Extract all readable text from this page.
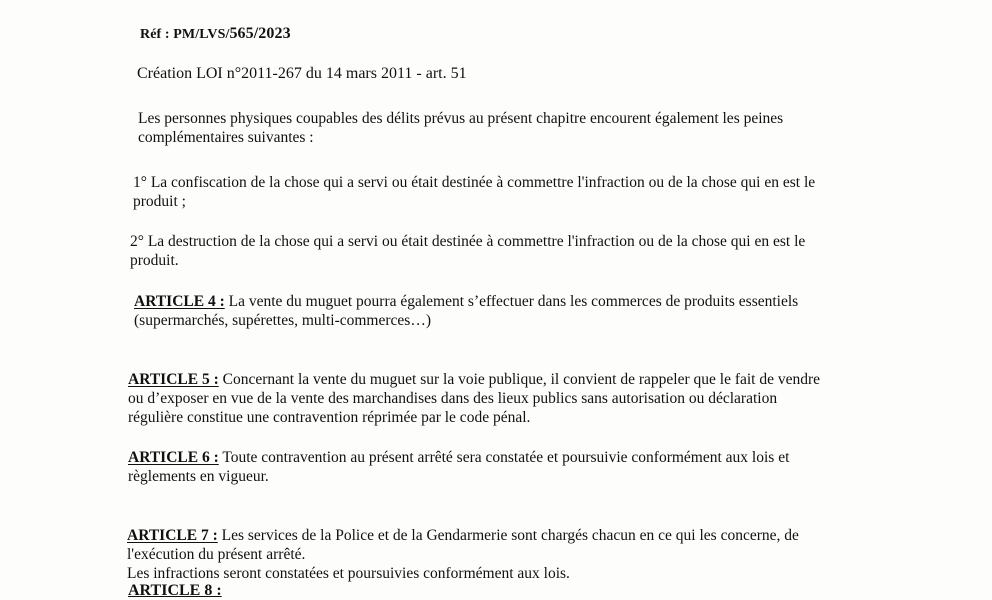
Réf : PM/LVS/565/2023
Création LOI n°2011-267 du 14 mars 2011 - art. 51
Les personnes physiques coupables des délits prévus au présent chapitre encourent également les peines
complémentaires suivantes :
1° La confiscation de la chose qui a servi ou était destinée à commettre l'infraction ou de la chose qui en est le
produit ;
2° La destruction de la chose qui a servi ou était destinée à commettre l'infraction ou de la chose qui en est le
produit.
ARTICLE 4 : La vente du muguet pourra également s’effectuer dans les commerces de produits essentiels
(supermarchés, supérettes, multi-commerces…)
ARTICLE 5 : Concernant la vente du muguet sur la voie publique, il convient de rappeler que le fait de vendre
ou d’exposer en vue de la vente des marchandises dans des lieux publics sans autorisation ou déclaration
régulière constitue une contravention réprimée par le code pénal.
ARTICLE 6 : Toute contravention au présent arrêté sera constatée et poursuivie conformément aux lois et
règlements en vigueur.
ARTICLE 7 : Les services de la Police et de la Gendarmerie sont chargés chacun en ce qui les concerne, de
l'exécution du présent arrêté.
Les infractions seront constatées et poursuivies conformément aux lois.
ARTICLE 8 :
